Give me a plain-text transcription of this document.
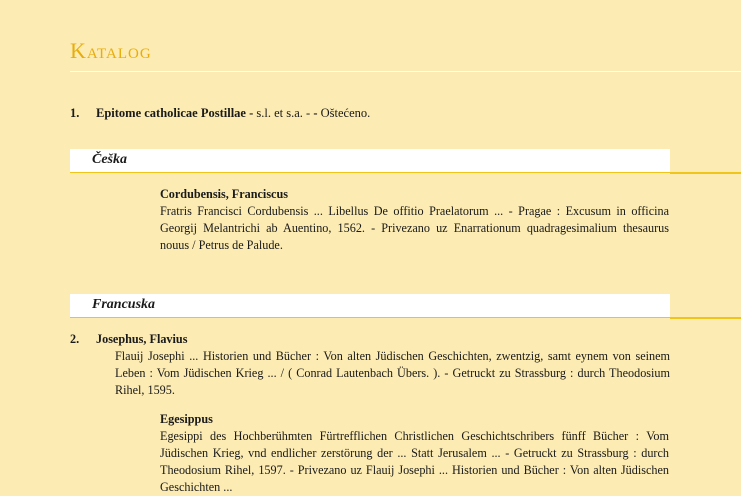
Katalog
1. Epitome catholicae Postillae - s.l. et s.a. - - Oštećeno.
Češka
Cordubensis, Franciscus
Fratris Francisci Cordubensis ... Libellus De offitio Praelatorum ... - Pragae : Excusum in officina Georgij Melantrichi ab Auentino, 1562. - Privezano uz Enarrationum quadragesimalium thesaurus nouus / Petrus de Palude.
Francuska
2. Josephus, Flavius
Flauij Josephi ... Historien und Bücher : Von alten Jüdischen Geschichten, zwentzig, samt eynem von seinem Leben : Vom Jüdischen Krieg ... / ( Conrad Lautenbach Übers. ). - Getruckt zu Strassburg : durch Theodosium Rihel, 1595.
Egesippus
Egesippi des Hochberühmten Fürtrefflichen Christlichen Geschichtschribers fünff Bücher : Vom Jüdischen Krieg, vnd endlicher zerstörung der ... Statt Jerusalem ... - Getruckt zu Strassburg : durch Theodosium Rihel, 1597. - Privezano uz Flauij Josephi ... Historien und Bücher : Von alten Jüdischen Geschichten ...
